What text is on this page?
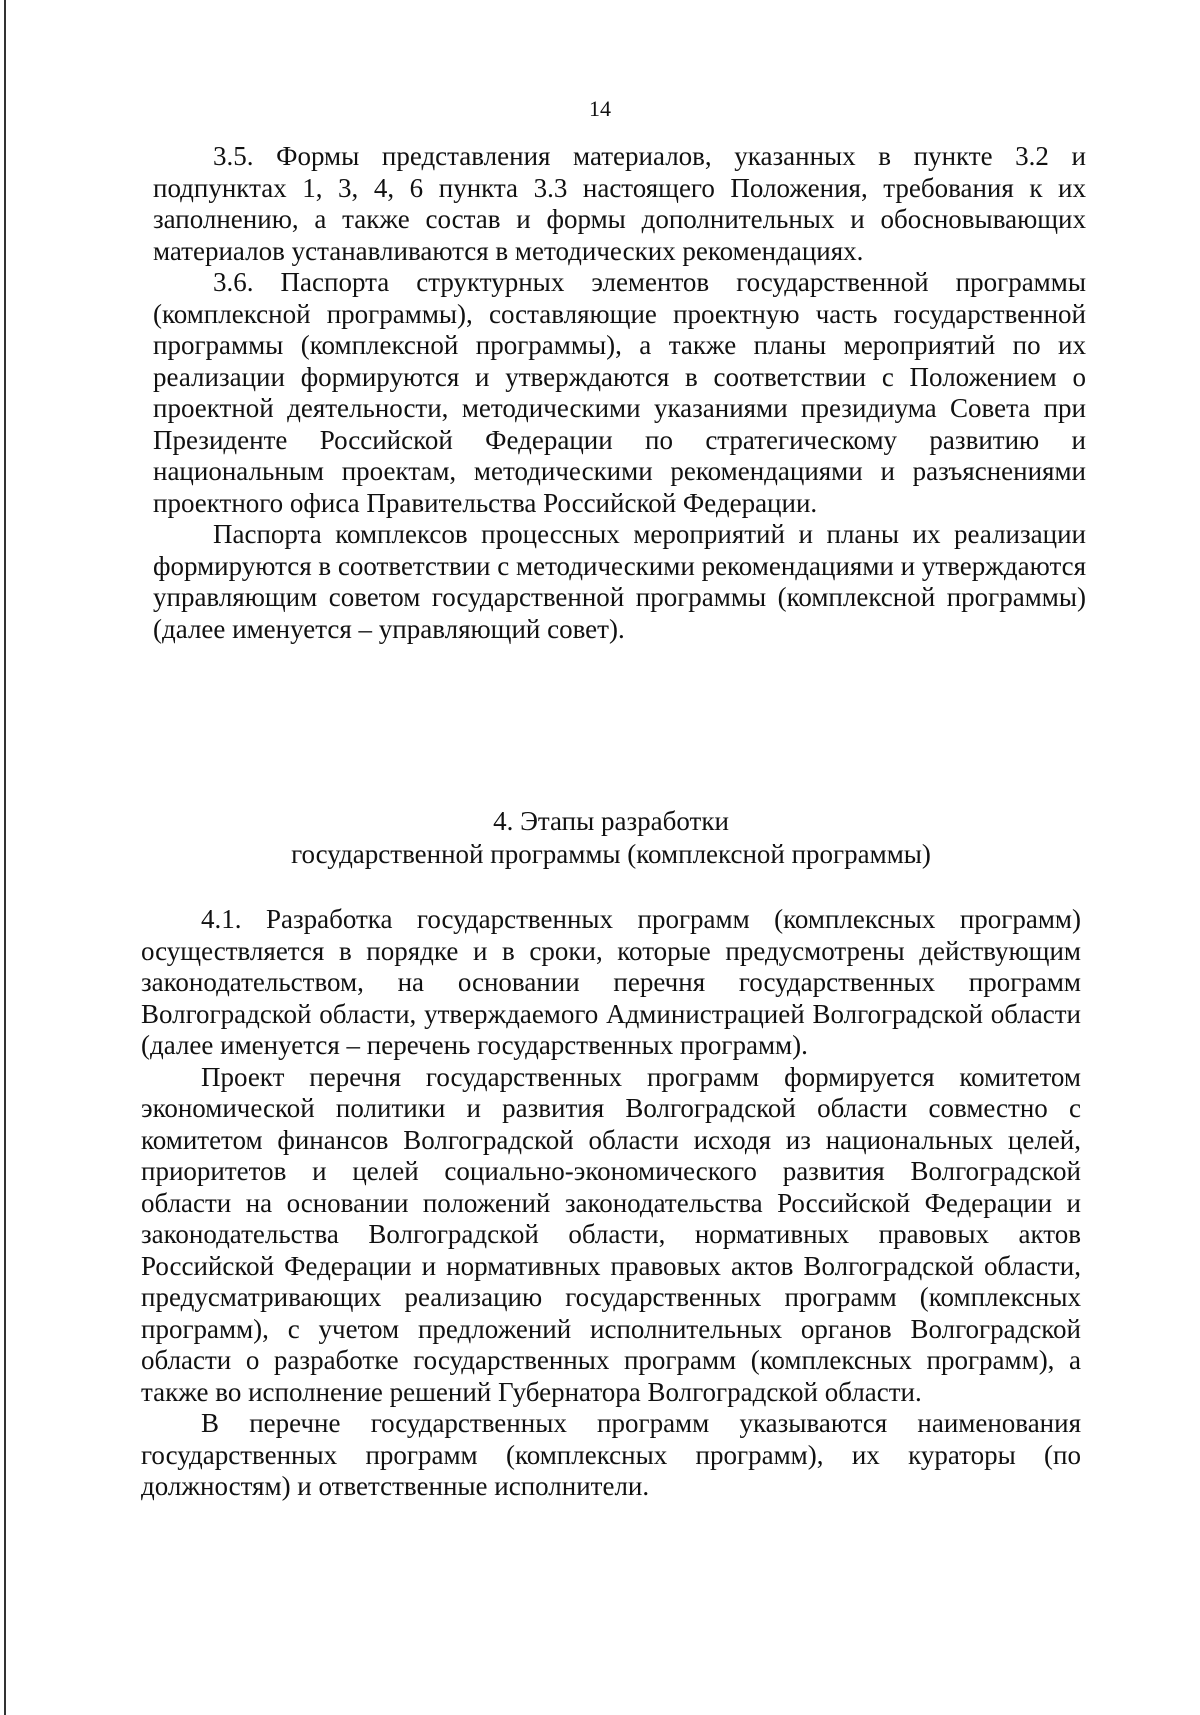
14

3.5. Формы представления материалов, указанных в пункте 3.2 и подпунктах 1, 3, 4, 6 пункта 3.3 настоящего Положения, требования к их заполнению, а также состав и формы дополнительных и обосновывающих материалов устанавливаются в методических рекомендациях.

3.6. Паспорта структурных элементов государственной программы (комплексной программы), составляющие проектную часть государственной программы (комплексной программы), а также планы мероприятий по их реализации формируются и утверждаются в соответствии с Положением о проектной деятельности, методическими указаниями президиума Совета при Президенте Российской Федерации по стратегическому развитию и национальным проектам, методическими рекомендациями и разъяснениями проектного офиса Правительства Российской Федерации.

Паспорта комплексов процессных мероприятий и планы их реализации формируются в соответствии с методическими рекомендациями и утверждаются управляющим советом государственной программы (комплексной программы) (далее именуется – управляющий совет).

4. Этапы разработки
государственной программы (комплексной программы)

4.1. Разработка государственных программ (комплексных программ) осуществляется в порядке и в сроки, которые предусмотрены действующим законодательством, на основании перечня государственных программ Волгоградской области, утверждаемого Администрацией Волгоградской области (далее именуется – перечень государственных программ).

Проект перечня государственных программ формируется комитетом экономической политики и развития Волгоградской области совместно с комитетом финансов Волгоградской области исходя из национальных целей, приоритетов и целей социально-экономического развития Волгоградской области на основании положений законодательства Российской Федерации и законодательства Волгоградской области, нормативных правовых актов Российской Федерации и нормативных правовых актов Волгоградской области, предусматривающих реализацию государственных программ (комплексных программ), с учетом предложений исполнительных органов Волгоградской области о разработке государственных программ (комплексных программ), а также во исполнение решений Губернатора Волгоградской области.

В перечне государственных программ указываются наименования государственных программ (комплексных программ), их кураторы (по должностям) и ответственные исполнители.
